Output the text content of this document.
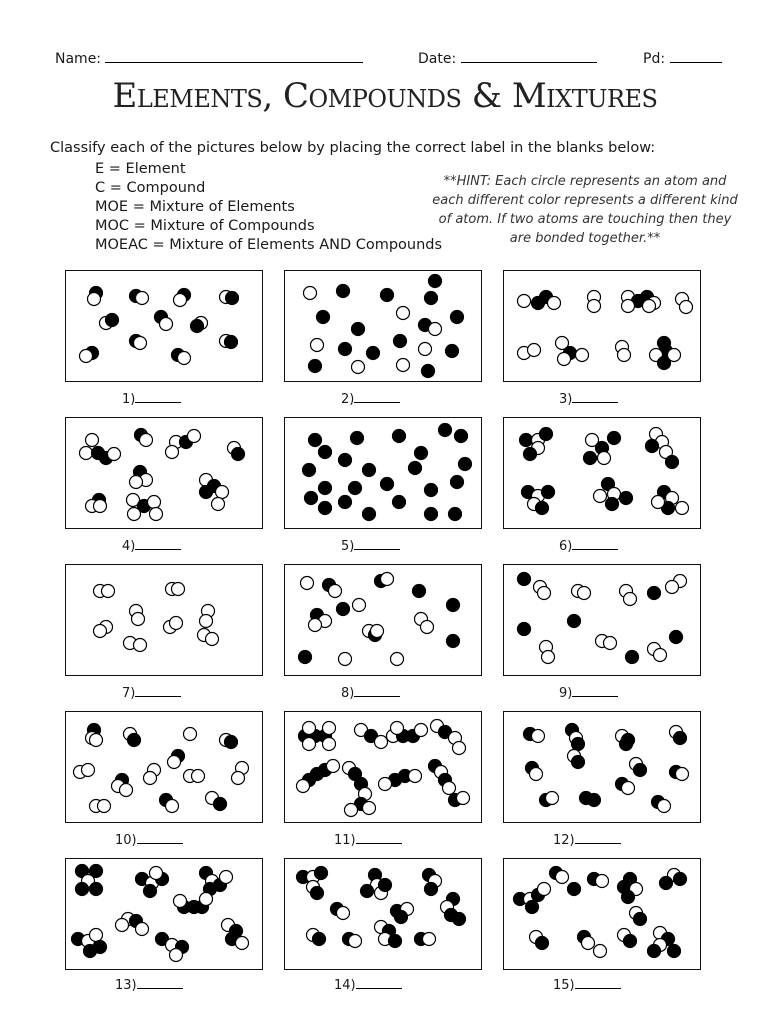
Name:	Date:	Pd:
Elements, Compounds & Mixtures
Classify each of the pictures below by placing the correct label in the blanks below:
E = Element
C = Compound
MOE = Mixture of Elements
MOC = Mixture of Compounds
MOEAC = Mixture of Elements AND Compounds
**HINT: Each circle represents an atom and each different color represents a different kind of atom. If two atoms are touching then they are bonded together.**
1)	2)	3)
4)	5)	6)
7)	8)	9)
10)	11)	12)
13)	14)	15)
